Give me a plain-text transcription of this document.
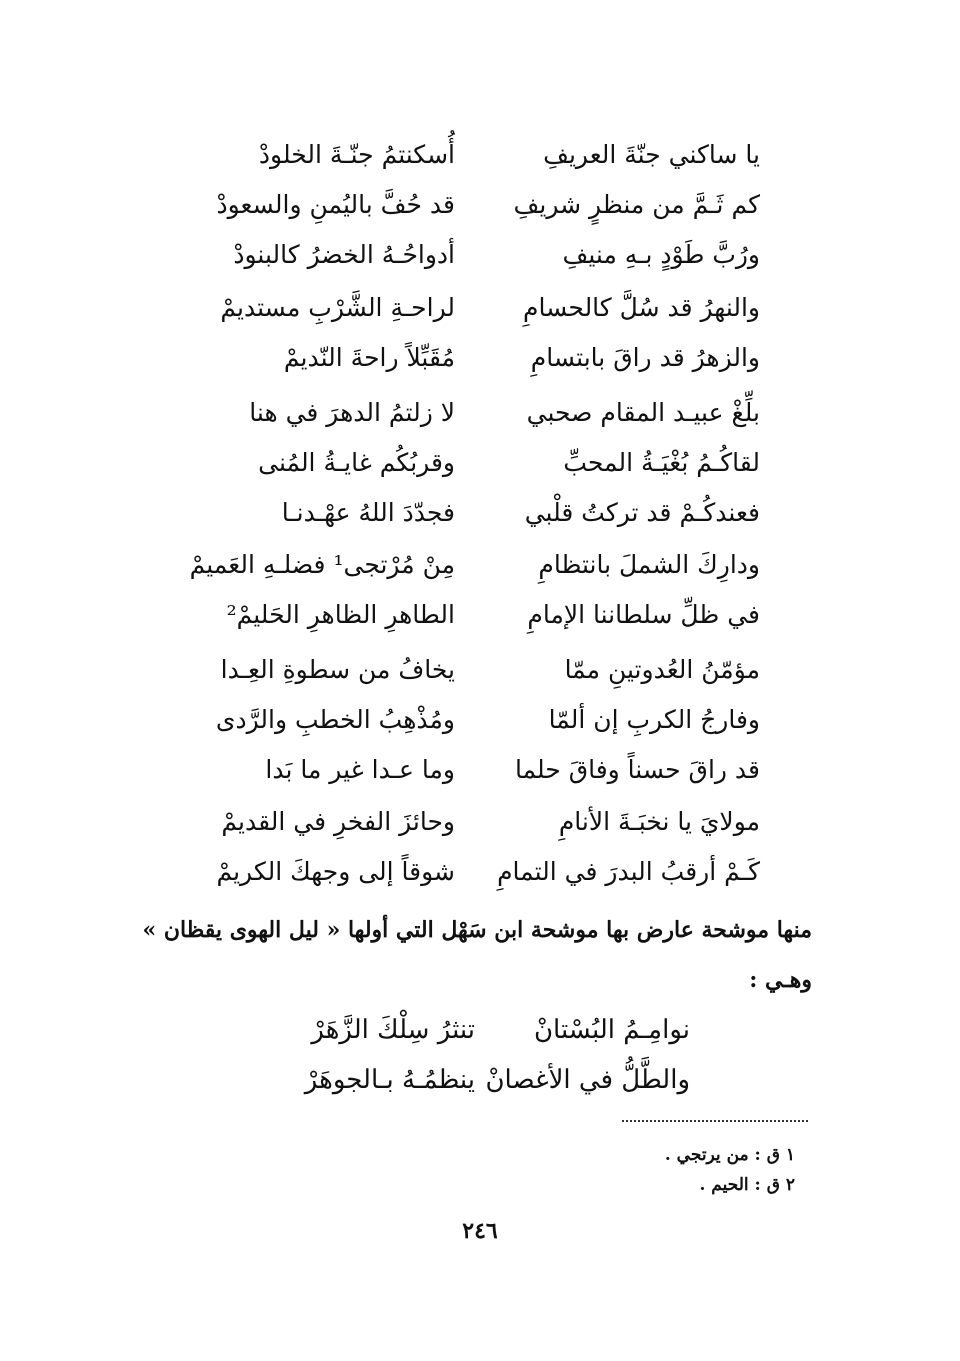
يا ساكني جنّةَ العريفِ
أُسكنتمُ جنّـةَ الخلودْ
كم ثَـمَّ من منظرٍ شريفِ
قد حُفَّ باليُمنِ والسعودْ
ورُبَّ طَوْدٍ بـهِ منيفِ
أدواحُـهُ الخضرُ كالبنودْ
والنهرُ قد سُلَّ كالحسامِ
لراحـةِ الشَّرْبِ مستديمْ
والزهرُ قد راقَ بابتسامِ
مُقَبِّلاً راحةَ النّديمْ
بلِّغْ عبيـد المقام صحبي
لا زلتمُ الدهرَ في هنا
لقاكُـمُ بُغْيَـةُ المحبِّ
وقربُكُم غايـةُ المُنى
فعندكُـمْ قد تركتُ قلْبي
فجدّدَ اللهُ عهْـدنـا
ودارِكَ الشملَ بانتظامِ
مِنْ مُرْتجى¹ فضلـهِ العَميمْ
في ظلِّ سلطاننا الإمامِ
الطاهرِ الظاهرِ الحَليمْ²
مؤمّنُ العُدوتينِ ممّا
يخافُ من سطوةِ العِـدا
وفارجُ الكربِ إن ألمّا
ومُذْهِبُ الخطبِ والرَّدى
قد راقَ حسناً وفاقَ حلما
وما عـدا غير ما بَدا
مولايَ يا نخبَـةَ الأنامِ
وحائزَ الفخرِ في القديمْ
كَـمْ أرقبُ البدرَ في التمامِ
شوقاً إلى وجهكَ الكريمْ
منها موشحة عارض بها موشحة ابن سَهْل التي أولها « ليل الهوى يقظان » وهـي :
نوامِـمُ البُسْتانْ
تنثرُ سِلْكَ الزَّهَرْ
والطَّلُّ في الأغصانْ
ينظمُـهُ بـالجوهَرْ
١ ق : من يرتجي .
٢ ق : الحيم .
٢٤٦
